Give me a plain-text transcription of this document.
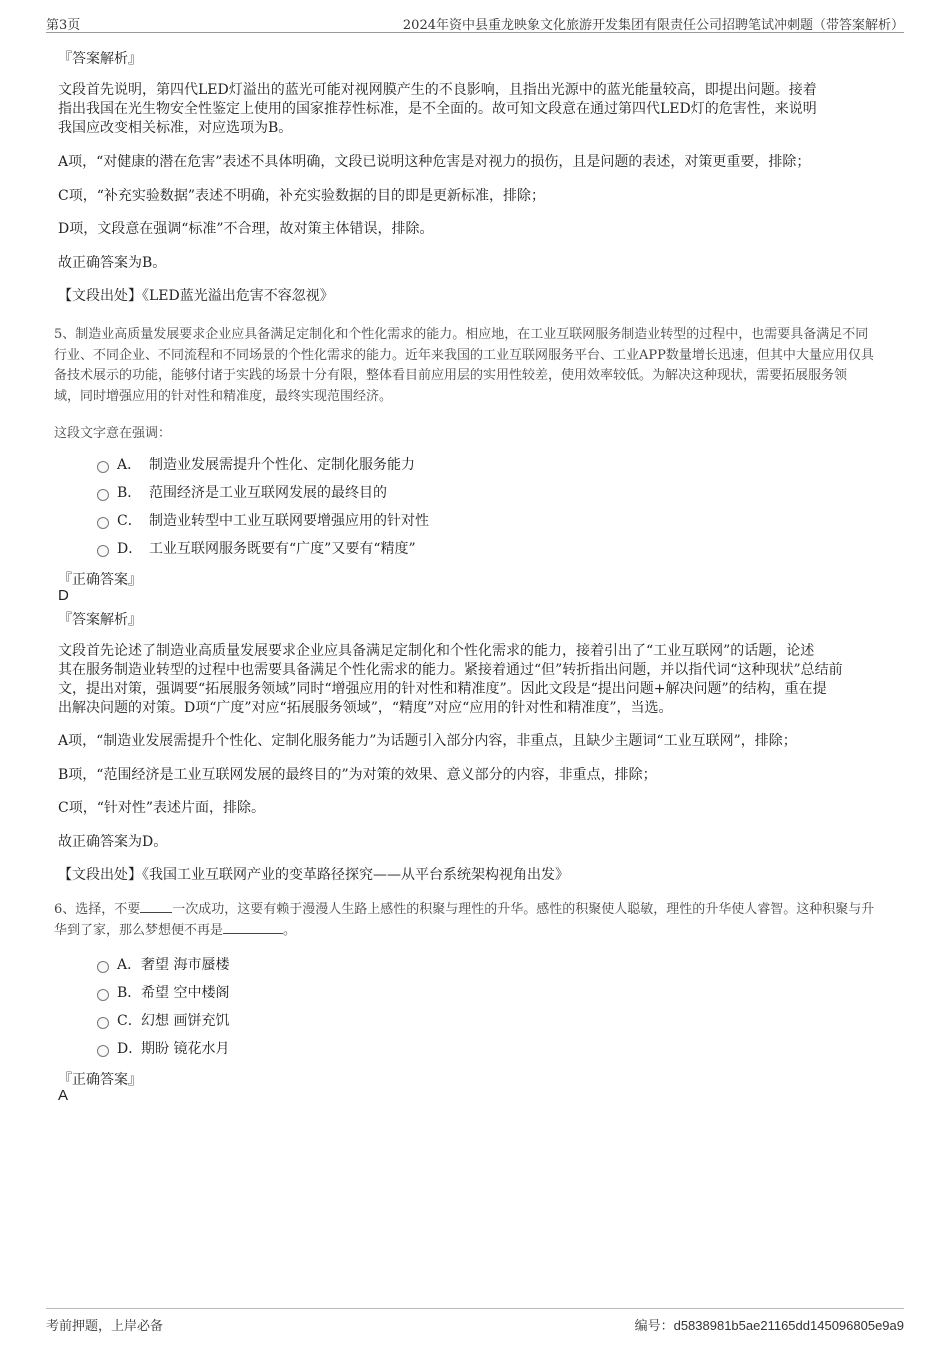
第3页	2024年资中县重龙映象文化旅游开发集团有限责任公司招聘笔试冲刺题（带答案解析）
『答案解析』
文段首先说明，第四代LED灯溢出的蓝光可能对视网膜产生的不良影响，且指出光源中的蓝光能量较高，即提出问题。接着
指出我国在光生物安全性鉴定上使用的国家推荐性标准，是不全面的。故可知文段意在通过第四代LED灯的危害性，来说明
我国应改变相关标准，对应选项为B。
A项，“对健康的潜在危害”表述不具体明确，文段已说明这种危害是对视力的损伤，且是问题的表述，对策更重要，排除；
C项，“补充实验数据”表述不明确，补充实验数据的目的即是更新标准，排除；
D项，文段意在强调“标准”不合理，故对策主体错误，排除。
故正确答案为B。
【文段出处】《LED蓝光溢出危害不容忽视》
5、制造业高质量发展要求企业应具备满足定制化和个性化需求的能力。相应地，在工业互联网服务制造业转型的过程中，也需要具备满足不同
行业、不同企业、不同流程和不同场景的个性化需求的能力。近年来我国的工业互联网服务平台、工业APP数量增长迅速，但其中大量应用仅具
备技术展示的功能，能够付诸于实践的场景十分有限，整体看目前应用层的实用性较差，使用效率较低。为解决这种现状，需要拓展服务领
域，同时增强应用的针对性和精准度，最终实现范围经济。
这段文字意在强调：
A． 制造业发展需提升个性化、定制化服务能力
B． 范围经济是工业互联网发展的最终目的
C． 制造业转型中工业互联网要增强应用的针对性
D． 工业互联网服务既要有“广度”又要有“精度”
『正确答案』
D
『答案解析』
文段首先论述了制造业高质量发展要求企业应具备满足定制化和个性化需求的能力，接着引出了“工业互联网”的话题，论述
其在服务制造业转型的过程中也需要具备满足个性化需求的能力。紧接着通过“但”转折指出问题，并以指代词“这种现状”总结前
文，提出对策，强调要“拓展服务领域”同时“增强应用的针对性和精准度”。因此文段是“提出问题+解决问题”的结构，重在提
出解决问题的对策。D项“广度”对应“拓展服务领域”，“精度”对应“应用的针对性和精准度”，当选。
A项，“制造业发展需提升个性化、定制化服务能力”为话题引入部分内容，非重点，且缺少主题词“工业互联网”，排除；
B项，“范围经济是工业互联网发展的最终目的”为对策的效果、意义部分的内容，非重点，排除；
C项，“针对性”表述片面，排除。
故正确答案为D。
【文段出处】《我国工业互联网产业的变革路径探究——从平台系统架构视角出发》
6、选择，不要 一次成功，这要有赖于漫漫人生路上感性的积聚与理性的升华。感性的积聚使人聪敏，理性的升华使人睿智。这种积聚与升
华到了家，那么梦想便不再是	。
A．奢望 海市蜃楼
B．希望 空中楼阁
C．幻想 画饼充饥
D．期盼 镜花水月
『正确答案』
A
考前押题，上岸必备	编号：d5838981b5ae21165dd145096805e9a9
